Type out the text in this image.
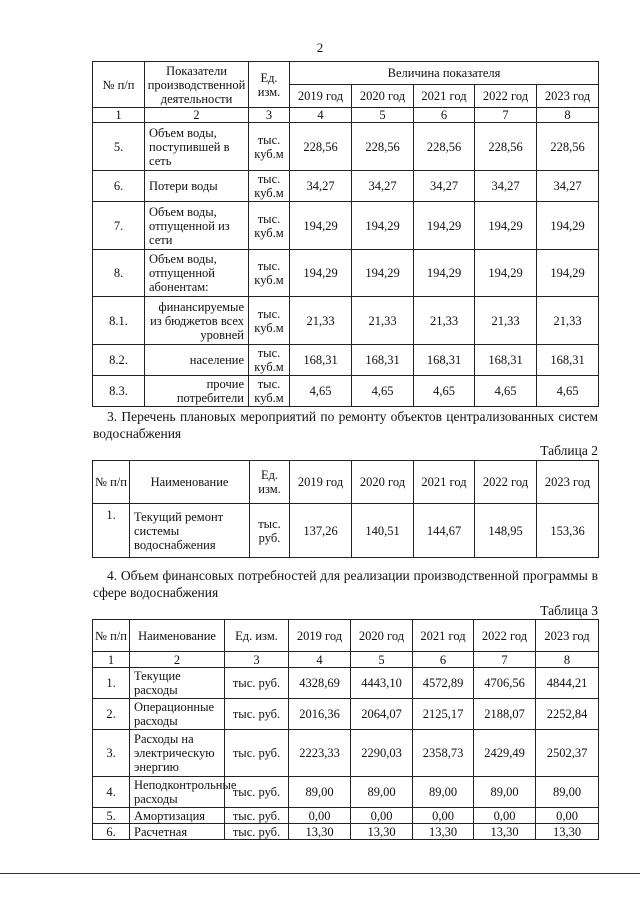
2
№ п/п	Показатели производственной деятельности	Ед. изм.	Величина показателя				
			2019 год	2020 год	2021 год	2022 год	2023 год
1	2	3	4	5	6	7	8
5.	Объем воды, поступившей в сеть	тыс. куб.м	228,56	228,56	228,56	228,56	228,56
6.	Потери воды	тыс. куб.м	34,27	34,27	34,27	34,27	34,27
7.	Объем воды, отпущенной из сети	тыс. куб.м	194,29	194,29	194,29	194,29	194,29
8.	Объем воды, отпущенной абонентам:	тыс. куб.м	194,29	194,29	194,29	194,29	194,29
8.1.	финансируемые из бюджетов всех уровней	тыс. куб.м	21,33	21,33	21,33	21,33	21,33
8.2.	население	тыс. куб.м	168,31	168,31	168,31	168,31	168,31
8.3.	прочие потребители	тыс. куб.м	4,65	4,65	4,65	4,65	4,65
3. Перечень плановых мероприятий по ремонту объектов централизованных систем водоснабжения
Таблица 2
№ п/п	Наименование	Ед. изм.	2019 год	2020 год	2021 год	2022 год	2023 год
1.	Текущий ремонт системы водоснабжения	тыс. руб.	137,26	140,51	144,67	148,95	153,36
4. Объем финансовых потребностей для реализации производственной программы в сфере водоснабжения
Таблица 3
№ п/п	Наименование	Ед. изм.	2019 год	2020 год	2021 год	2022 год	2023 год
1	2	3	4	5	6	7	8
1.	Текущие расходы	тыс. руб.	4328,69	4443,10	4572,89	4706,56	4844,21
2.	Операционные расходы	тыс. руб.	2016,36	2064,07	2125,17	2188,07	2252,84
3.	Расходы на электрическую энергию	тыс. руб.	2223,33	2290,03	2358,73	2429,49	2502,37
4.	Неподконтрольные расходы	тыс. руб.	89,00	89,00	89,00	89,00	89,00
5.	Амортизация	тыс. руб.	0,00	0,00	0,00	0,00	0,00
6.	Расчетная	тыс. руб.	13,30	13,30	13,30	13,30	13,30
